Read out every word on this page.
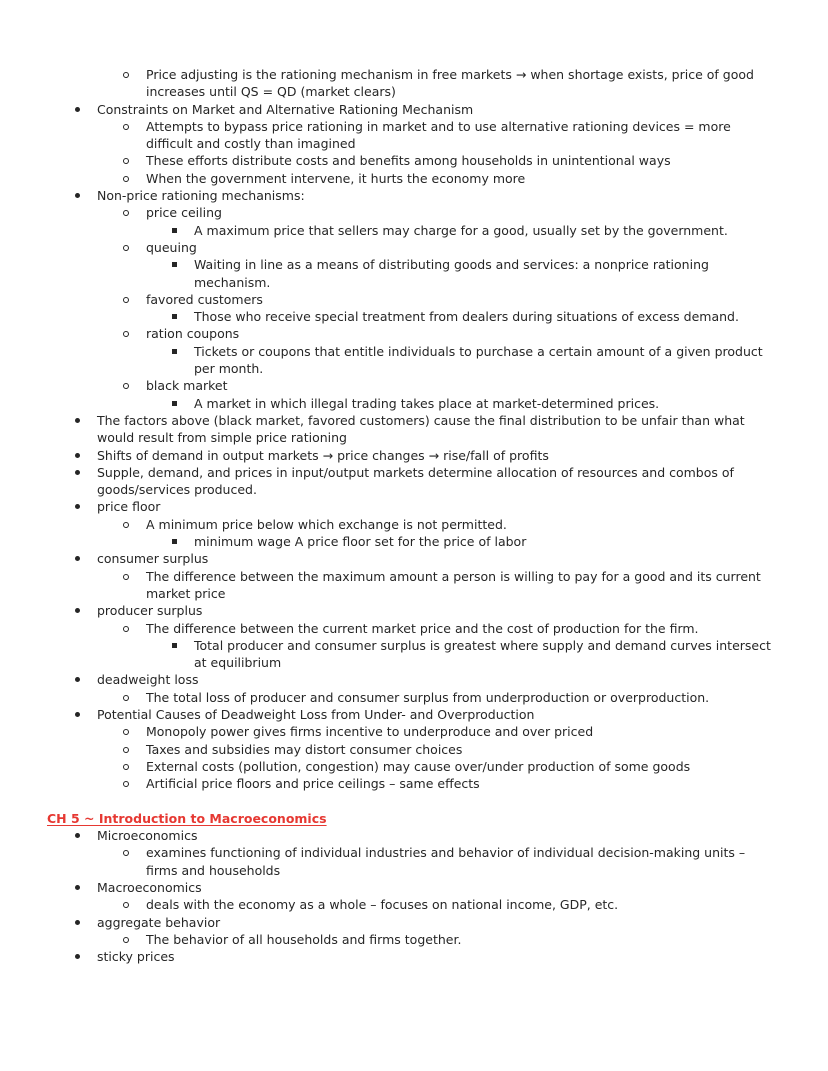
Price adjusting is the rationing mechanism in free markets → when shortage exists, price of good increases until QS = QD (market clears)
Constraints on Market and Alternative Rationing Mechanism
Attempts to bypass price rationing in market and to use alternative rationing devices = more difficult and costly than imagined
These efforts distribute costs and benefits among households in unintentional ways
When the government intervene, it hurts the economy more
Non-price rationing mechanisms:
price ceiling
A maximum price that sellers may charge for a good, usually set by the government.
queuing
Waiting in line as a means of distributing goods and services: a nonprice rationing mechanism.
favored customers
Those who receive special treatment from dealers during situations of excess demand.
ration coupons
Tickets or coupons that entitle individuals to purchase a certain amount of a given product per month.
black market
A market in which illegal trading takes place at market-determined prices.
The factors above (black market, favored customers) cause the final distribution to be unfair than what would result from simple price rationing
Shifts of demand in output markets → price changes → rise/fall of profits
Supple, demand, and prices in input/output markets determine allocation of resources and combos of goods/services produced.
price floor
A minimum price below which exchange is not permitted.
minimum wage A price floor set for the price of labor
consumer surplus
The difference between the maximum amount a person is willing to pay for a good and its current market price
producer surplus
The difference between the current market price and the cost of production for the firm.
Total producer and consumer surplus is greatest where supply and demand curves intersect at equilibrium
deadweight loss
The total loss of producer and consumer surplus from underproduction or overproduction.
Potential Causes of Deadweight Loss from Under- and Overproduction
Monopoly power gives firms incentive to underproduce and over priced
Taxes and subsidies may distort consumer choices
External costs (pollution, congestion) may cause over/under production of some goods
Artificial price floors and price ceilings – same effects
CH 5 ~ Introduction to Macroeconomics
Microeconomics
examines functioning of individual industries and behavior of individual decision-making units – firms and households
Macroeconomics
deals with the economy as a whole – focuses on national income, GDP, etc.
aggregate behavior
The behavior of all households and firms together.
sticky prices
